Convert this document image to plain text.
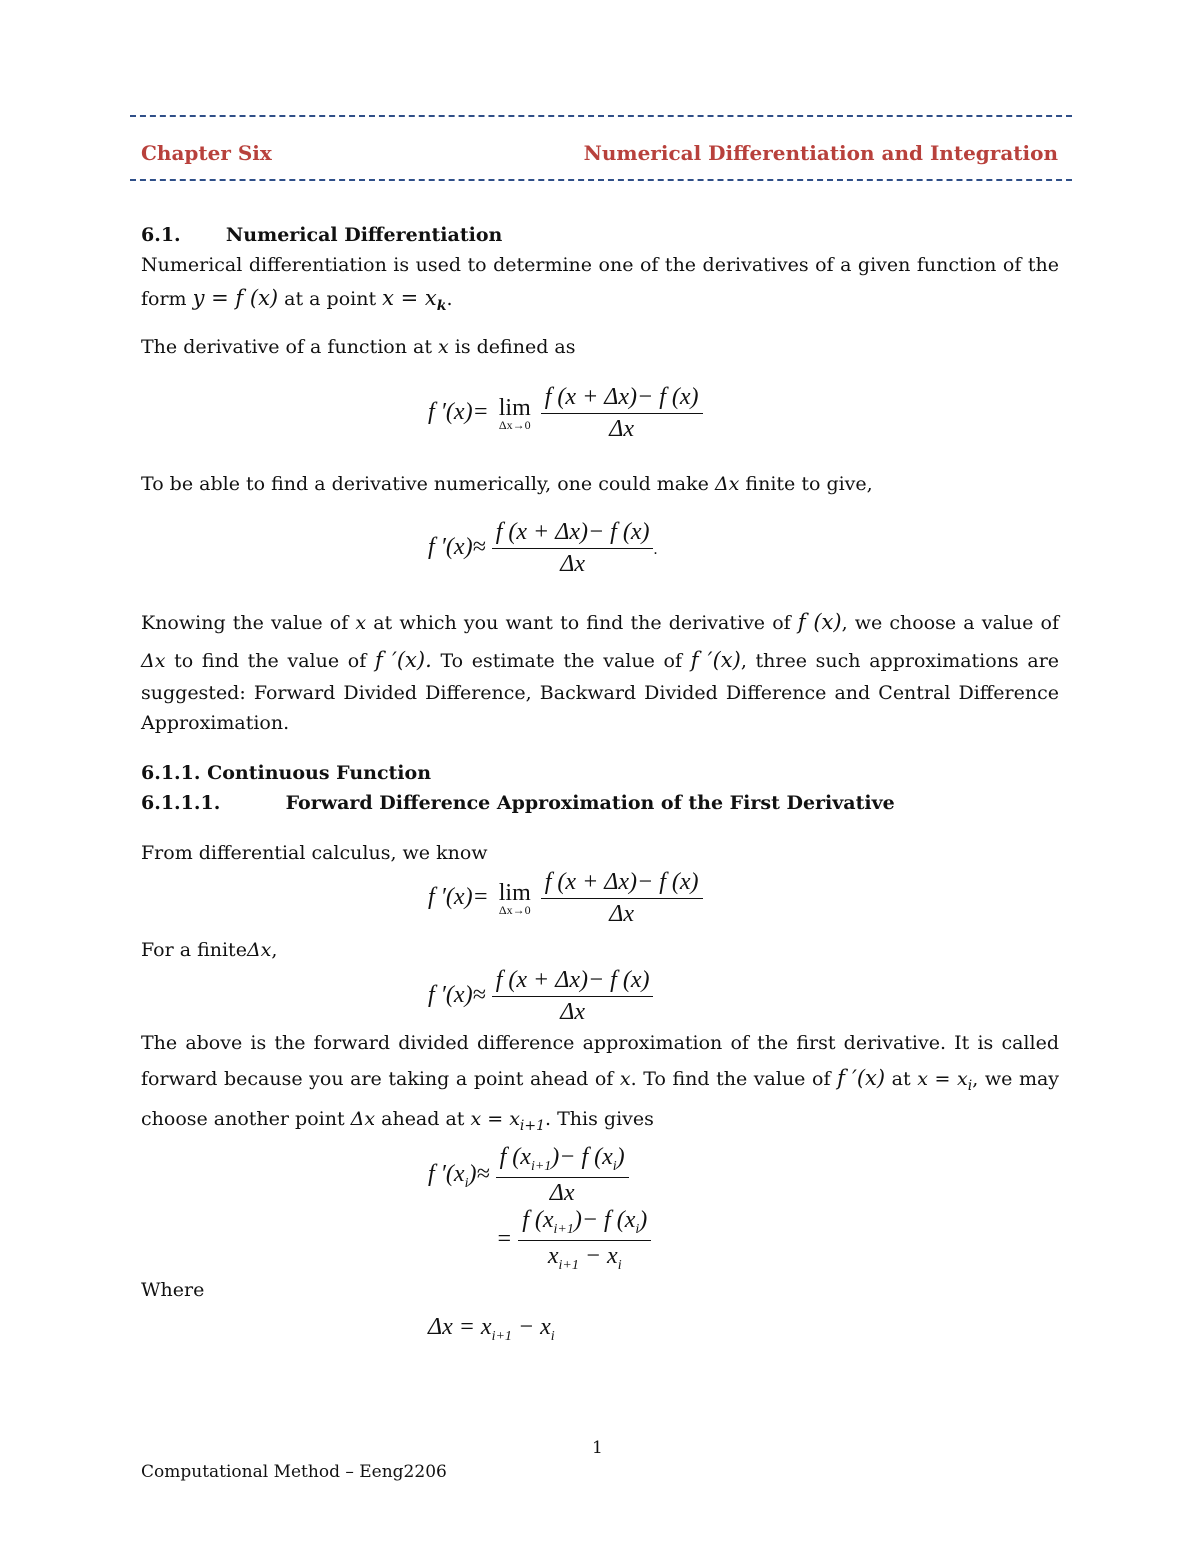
Chapter Six	Numerical Differentiation and Integration
6.1. Numerical Differentiation
Numerical differentiation is used to determine one of the derivatives of a given function of the
form y = f (x) at a point $x = x_k$.
The derivative of a function at x is defined as
f ′(x)= lim
Δx→0
$\frac{f (x + \Delta x)- f (x)}{\Delta x}$
To be able to find a derivative numerically, one could make Δx finite to give,
f $'(x)\approx \frac{f (x + \Delta x)- f (x)}{\Delta x}$ .
Knowing the value of x at which you want to find the derivative of f (x), we choose a value of
Δx to find the value of f ′(x). To estimate the value of f ′(x), three such approximations are
suggested: Forward Divided Difference, Backward Divided Difference and Central Difference
Approximation.
6.1.1. Continuous Function
6.1.1.1.	Forward Difference Approximation of the First Derivative
From differential calculus, we know
f ′(x)= lim
Δx→0
$\frac{f (x + \Delta x)- f (x)}{\Delta x}$
For a finiteΔx,
f $'(x)\approx \frac{f (x + \Delta x)- f (x)}{\Delta x}$
The above is the forward divided difference approximation of the first derivative. It is called
forward because you are taking a point ahead of x. To find the value of f ′(x) at $x = x_i$, we may
choose another point Δx ahead at $x = x_{i+1}$. This gives
f $'(x_i)\approx \frac{f (x_{i+1})- f (x_i)}{\Delta x}$
= $\frac{f (x_{i+1})- f (x_i)}{x_{i+1} - x_i}$
Where
$\Delta x = x_{i+1} - x_i$
1
Computational Method – Eeng2206
